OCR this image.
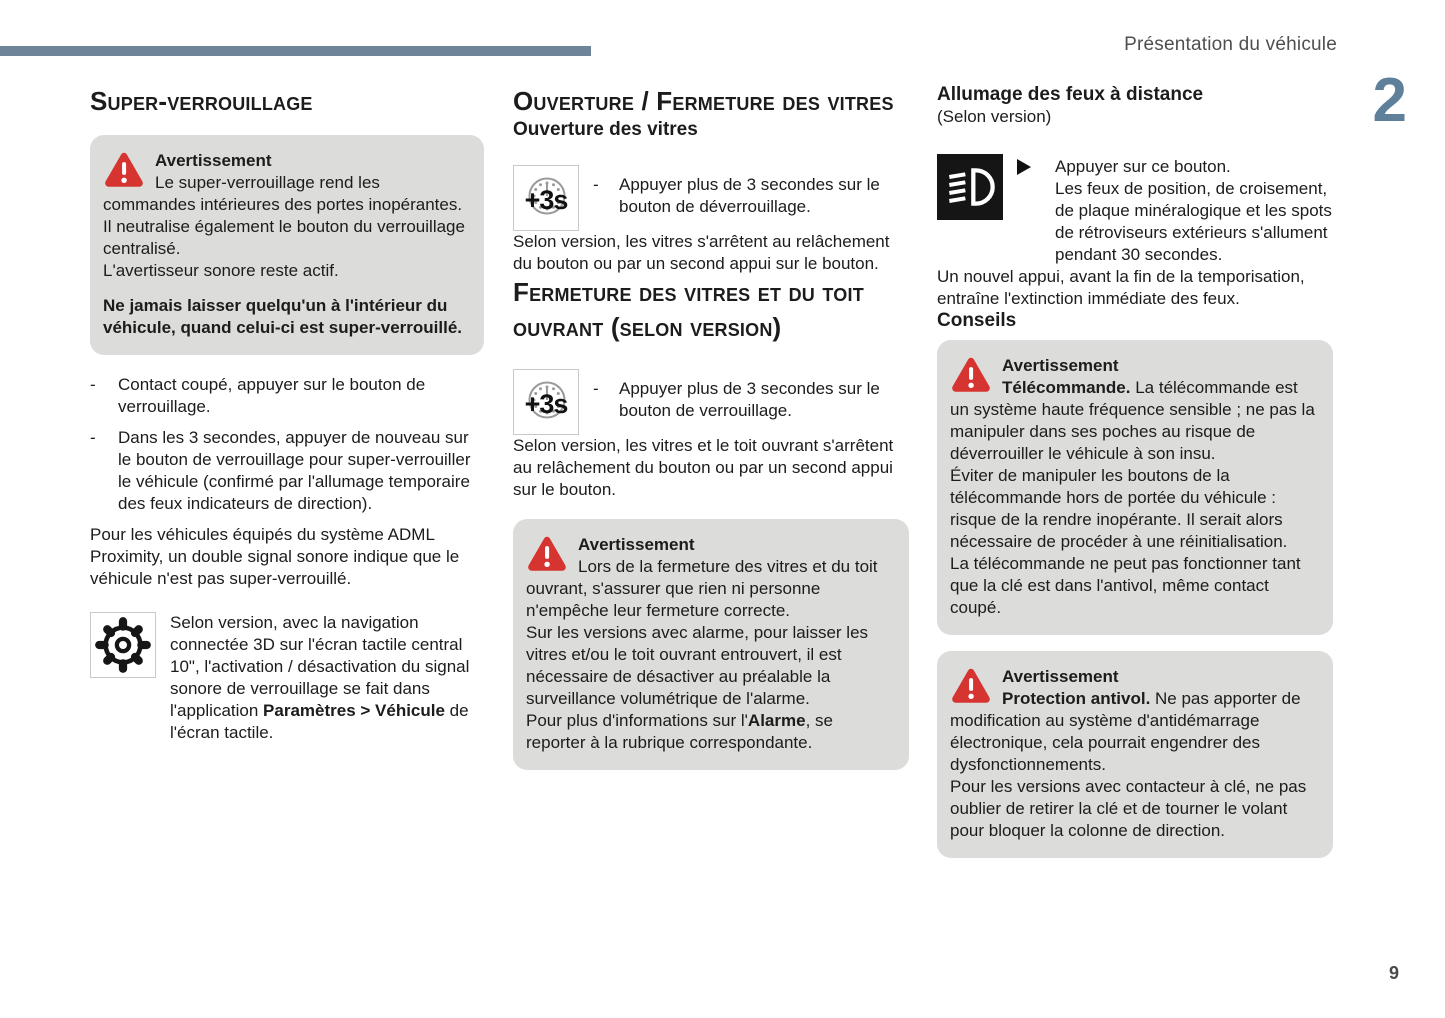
Présentation du véhicule
2
9
Super-verrouillage
Avertissement
Le super-verrouillage rend les commandes intérieures des portes inopérantes. Il neutralise également le bouton du verrouillage centralisé.
L'avertisseur sonore reste actif.
Ne jamais laisser quelqu'un à l'intérieur du véhicule, quand celui-ci est super-verrouillé.
-	Contact coupé, appuyer sur le bouton de verrouillage.
-	Dans les 3 secondes, appuyer de nouveau sur le bouton de verrouillage pour super-verrouiller le véhicule (confirmé par l'allumage temporaire des feux indicateurs de direction).

Pour les véhicules équipés du système ADML Proximity, un double signal sonore indique que le véhicule n'est pas super-verrouillé.

Selon version, avec la navigation connectée 3D sur l'écran tactile central 10", l'activation / désactivation du signal sonore de verrouillage se fait dans l'application Paramètres > Véhicule de l'écran tactile.
Ouverture / Fermeture des vitres
Ouverture des vitres
+3s
-	Appuyer plus de 3 secondes sur le bouton de déverrouillage.

Selon version, les vitres s'arrêtent au relâchement du bouton ou par un second appui sur le bouton.

Fermeture des vitres et du toit ouvrant (selon version)
+3s
-	Appuyer plus de 3 secondes sur le bouton de verrouillage.

Selon version, les vitres et le toit ouvrant s'arrêtent au relâchement du bouton ou par un second appui sur le bouton.

Avertissement
Lors de la fermeture des vitres et du toit ouvrant, s'assurer que rien ni personne n'empêche leur fermeture correcte.
Sur les versions avec alarme, pour laisser les vitres et/ou le toit ouvrant entrouvert, il est nécessaire de désactiver au préalable la surveillance volumétrique de l'alarme.
Pour plus d'informations sur l'Alarme, se reporter à la rubrique correspondante.
Allumage des feux à distance

(Selon version)

Appuyer sur ce bouton.
Les feux de position, de croisement, de plaque minéralogique et les spots de rétroviseurs extérieurs s'allument pendant 30 secondes.

Un nouvel appui, avant la fin de la temporisation, entraîne l'extinction immédiate des feux.

Conseils
Avertissement
Télécommande. La télécommande est un système haute fréquence sensible ; ne pas la manipuler dans ses poches au risque de déverrouiller le véhicule à son insu.
Éviter de manipuler les boutons de la télécommande hors de portée du véhicule : risque de la rendre inopérante. Il serait alors nécessaire de procéder à une réinitialisation.
La télécommande ne peut pas fonctionner tant que la clé est dans l'antivol, même contact coupé.
Avertissement
Protection antivol. Ne pas apporter de modification au système d'antidémarrage électronique, cela pourrait engendrer des dysfonctionnements.
Pour les versions avec contacteur à clé, ne pas oublier de retirer la clé et de tourner le volant pour bloquer la colonne de direction.
